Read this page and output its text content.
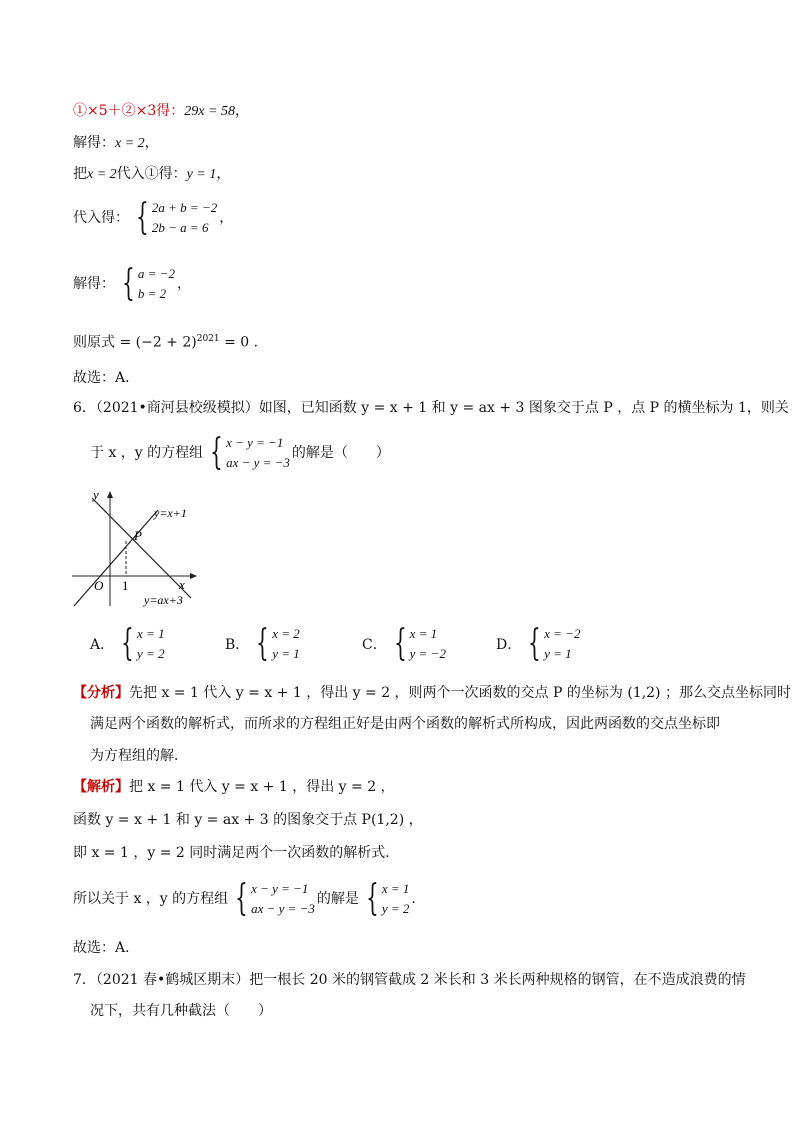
①×5＋②×3得：29x = 58，
解得：x = 2，
把x = 2代入①得：y = 1，
代入得： { 2a + b = −2
2b − a = 6
，
解得： { a = −2
b = 2
，
则原式 = $(-2 + 2)^{2021} = 0$ .
故选：A．
6．（2021•商河县校级模拟）如图，已知函数 y = x + 1 和 y = ax + 3 图象交于点 P ，点 P 的横坐标为 1，则关
于 x ，y 的方程组 { x − y = −1
ax − y = −3
的解是（　　）
y
x
O 1
P
y=x+1
y=ax+3
A． { x = 1
y = 2
B． { x = 2
y = 1
C． { x = 1
y = −2
D． { x = −2
y = 1
【分析】先把 x = 1 代入 y = x + 1 ，得出 y = 2 ，则两个一次函数的交点 P 的坐标为 (1,2) ；那么交点坐标同时
满足两个函数的解析式，而所求的方程组正好是由两个函数的解析式所构成，因此两函数的交点坐标即
为方程组的解．
【解析】把 x = 1 代入 y = x + 1 ，得出 y = 2 ，
函数 y = x + 1 和 y = ax + 3 的图象交于点 P(1,2) ，
即 x = 1 ，y = 2 同时满足两个一次函数的解析式．
所以关于 x ，y 的方程组 { x − y = −1
ax − y = −3
的解是 { x = 1
y = 2
．
故选：A．
7．（2021 春•鹤城区期末）把一根长 20 米的钢管截成 2 米长和 3 米长两种规格的钢管，在不造成浪费的情
况下，共有几种截法（　　）
